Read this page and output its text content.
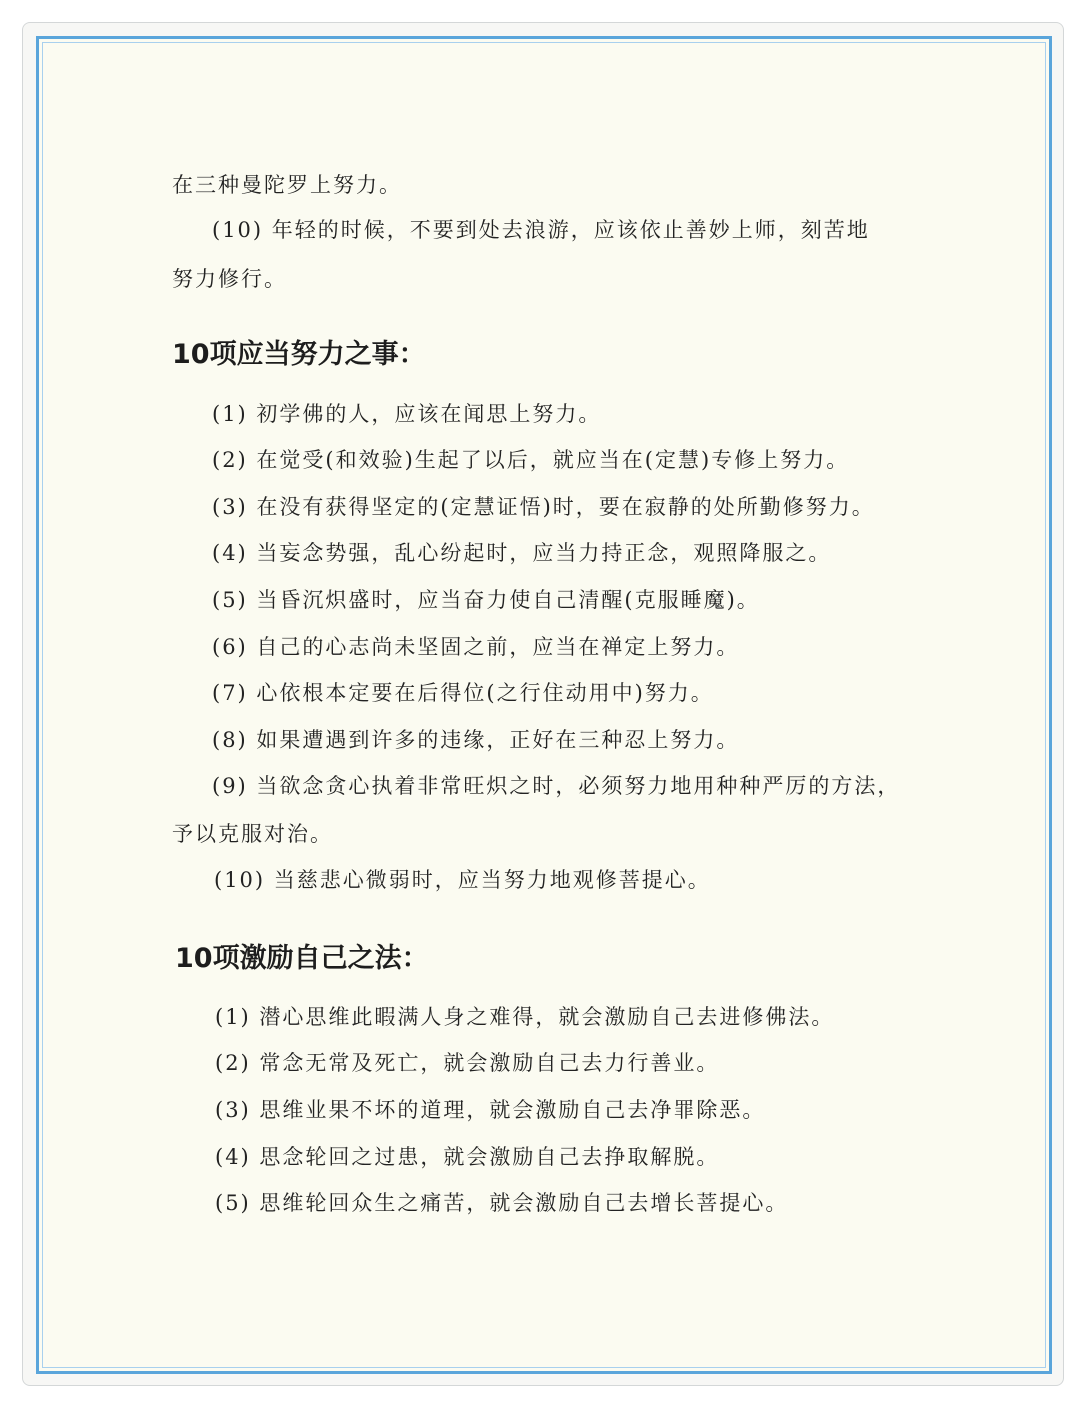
在三种曼陀罗上努力。
(10) 年轻的时候，不要到处去浪游，应该依止善妙上师，刻苦地
努力修行。
10项应当努力之事：
(1) 初学佛的人，应该在闻思上努力。
(2) 在觉受(和效验)生起了以后，就应当在(定慧)专修上努力。
(3) 在没有获得坚定的(定慧证悟)时，要在寂静的处所勤修努力。
(4) 当妄念势强，乱心纷起时，应当力持正念，观照降服之。
(5) 当昏沉炽盛时，应当奋力使自己清醒(克服睡魔)。
(6) 自己的心志尚未坚固之前，应当在禅定上努力。
(7) 心依根本定要在后得位(之行住动用中)努力。
(8) 如果遭遇到许多的违缘，正好在三种忍上努力。
(9) 当欲念贪心执着非常旺炽之时，必须努力地用种种严厉的方法，
予以克服对治。
(10) 当慈悲心微弱时，应当努力地观修菩提心。
10项激励自己之法：
(1) 潜心思维此暇满人身之难得，就会激励自己去进修佛法。
(2) 常念无常及死亡，就会激励自己去力行善业。
(3) 思维业果不坏的道理，就会激励自己去净罪除恶。
(4) 思念轮回之过患，就会激励自己去挣取解脱。
(5) 思维轮回众生之痛苦，就会激励自己去增长菩提心。
